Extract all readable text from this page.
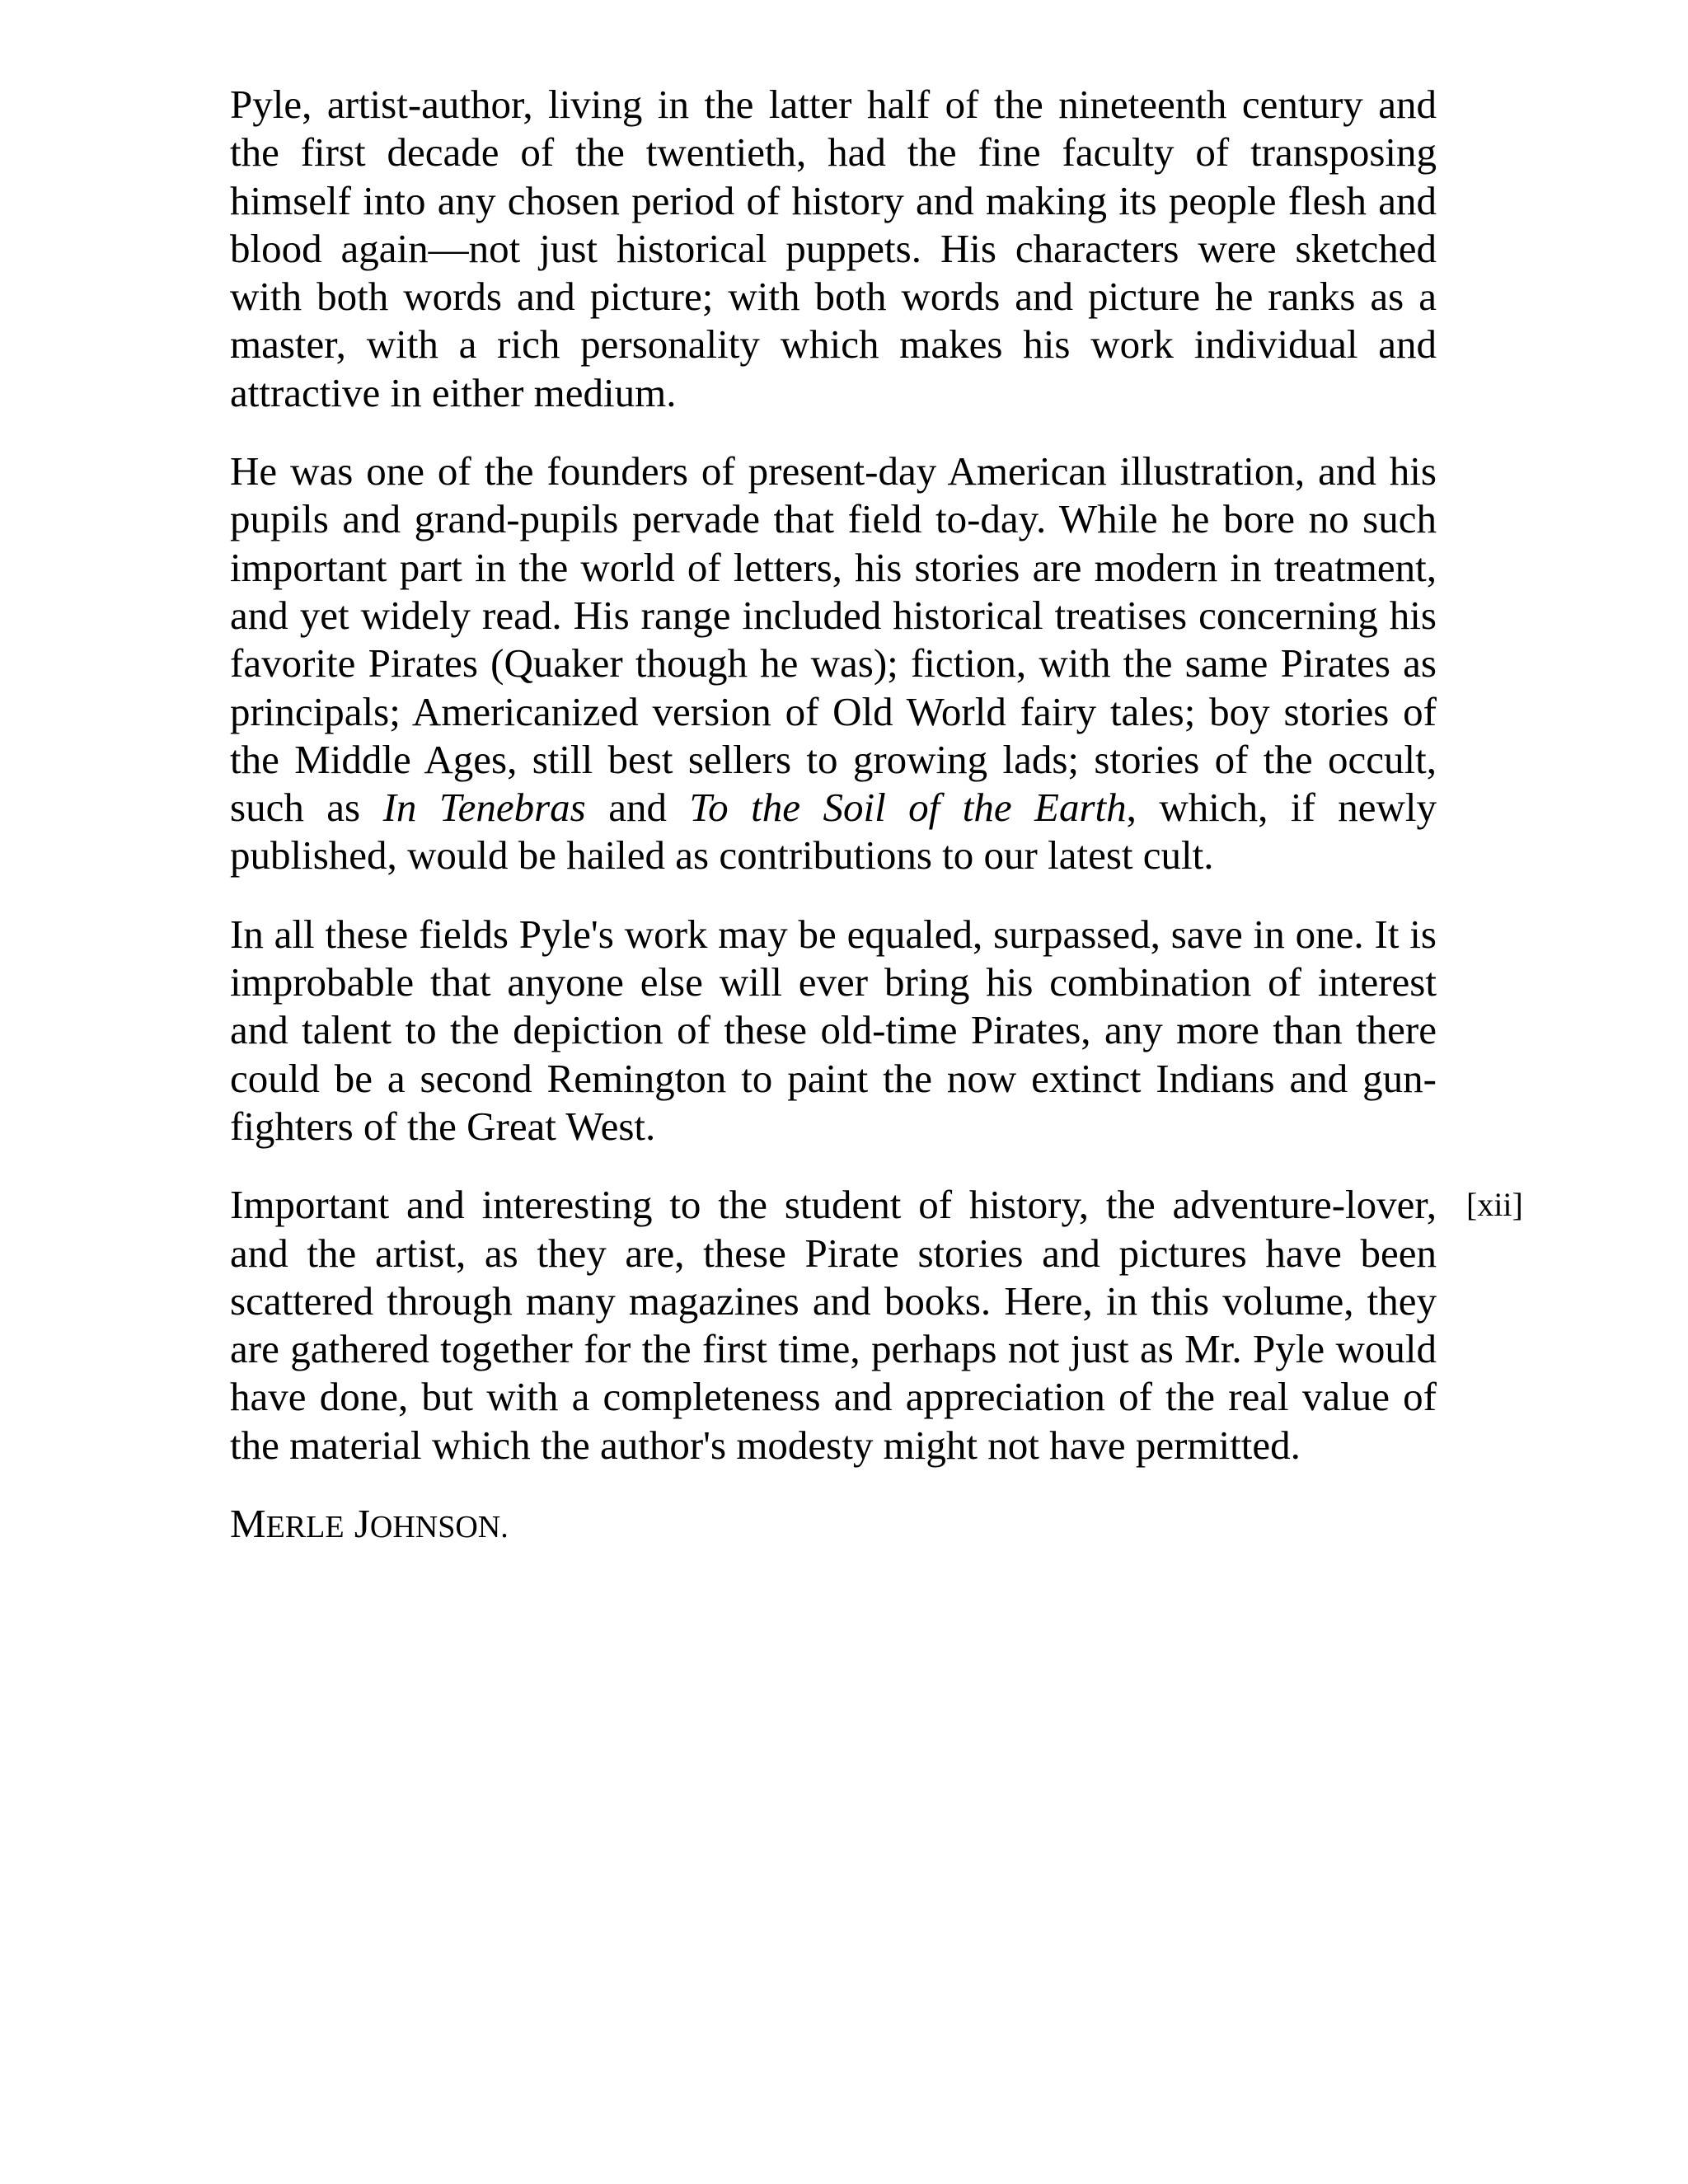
Pyle, artist-author, living in the latter half of the nineteenth century and the first decade of the twentieth, had the fine faculty of transposing himself into any chosen period of history and making its people flesh and blood again—not just historical puppets. His characters were sketched with both words and picture; with both words and picture he ranks as a master, with a rich personality which makes his work individual and attractive in either medium.

He was one of the founders of present-day American illustration, and his pupils and grand-pupils pervade that field to-day. While he bore no such important part in the world of letters, his stories are modern in treatment, and yet widely read. His range included historical treatises concerning his favorite Pirates (Quaker though he was); fiction, with the same Pirates as principals; Americanized version of Old World fairy tales; boy stories of the Middle Ages, still best sellers to growing lads; stories of the occult, such as In Tenebras and To the Soil of the Earth, which, if newly published, would be hailed as contributions to our latest cult.

In all these fields Pyle's work may be equaled, surpassed, save in one. It is improbable that anyone else will ever bring his combination of interest and talent to the depiction of these old-time Pirates, any more than there could be a second Remington to paint the now extinct Indians and gun-fighters of the Great West.

Important and interesting to the student of history, the adventure-lover, and the artist, as they are, these Pirate stories and pictures have been scattered through many magazines and books. Here, in this volume, they are gathered together for the first time, perhaps not just as Mr. Pyle would have done, but with a completeness and appreciation of the real value of the material which the author's modesty might not have permitted.

[xii]

MERLE JOHNSON.
